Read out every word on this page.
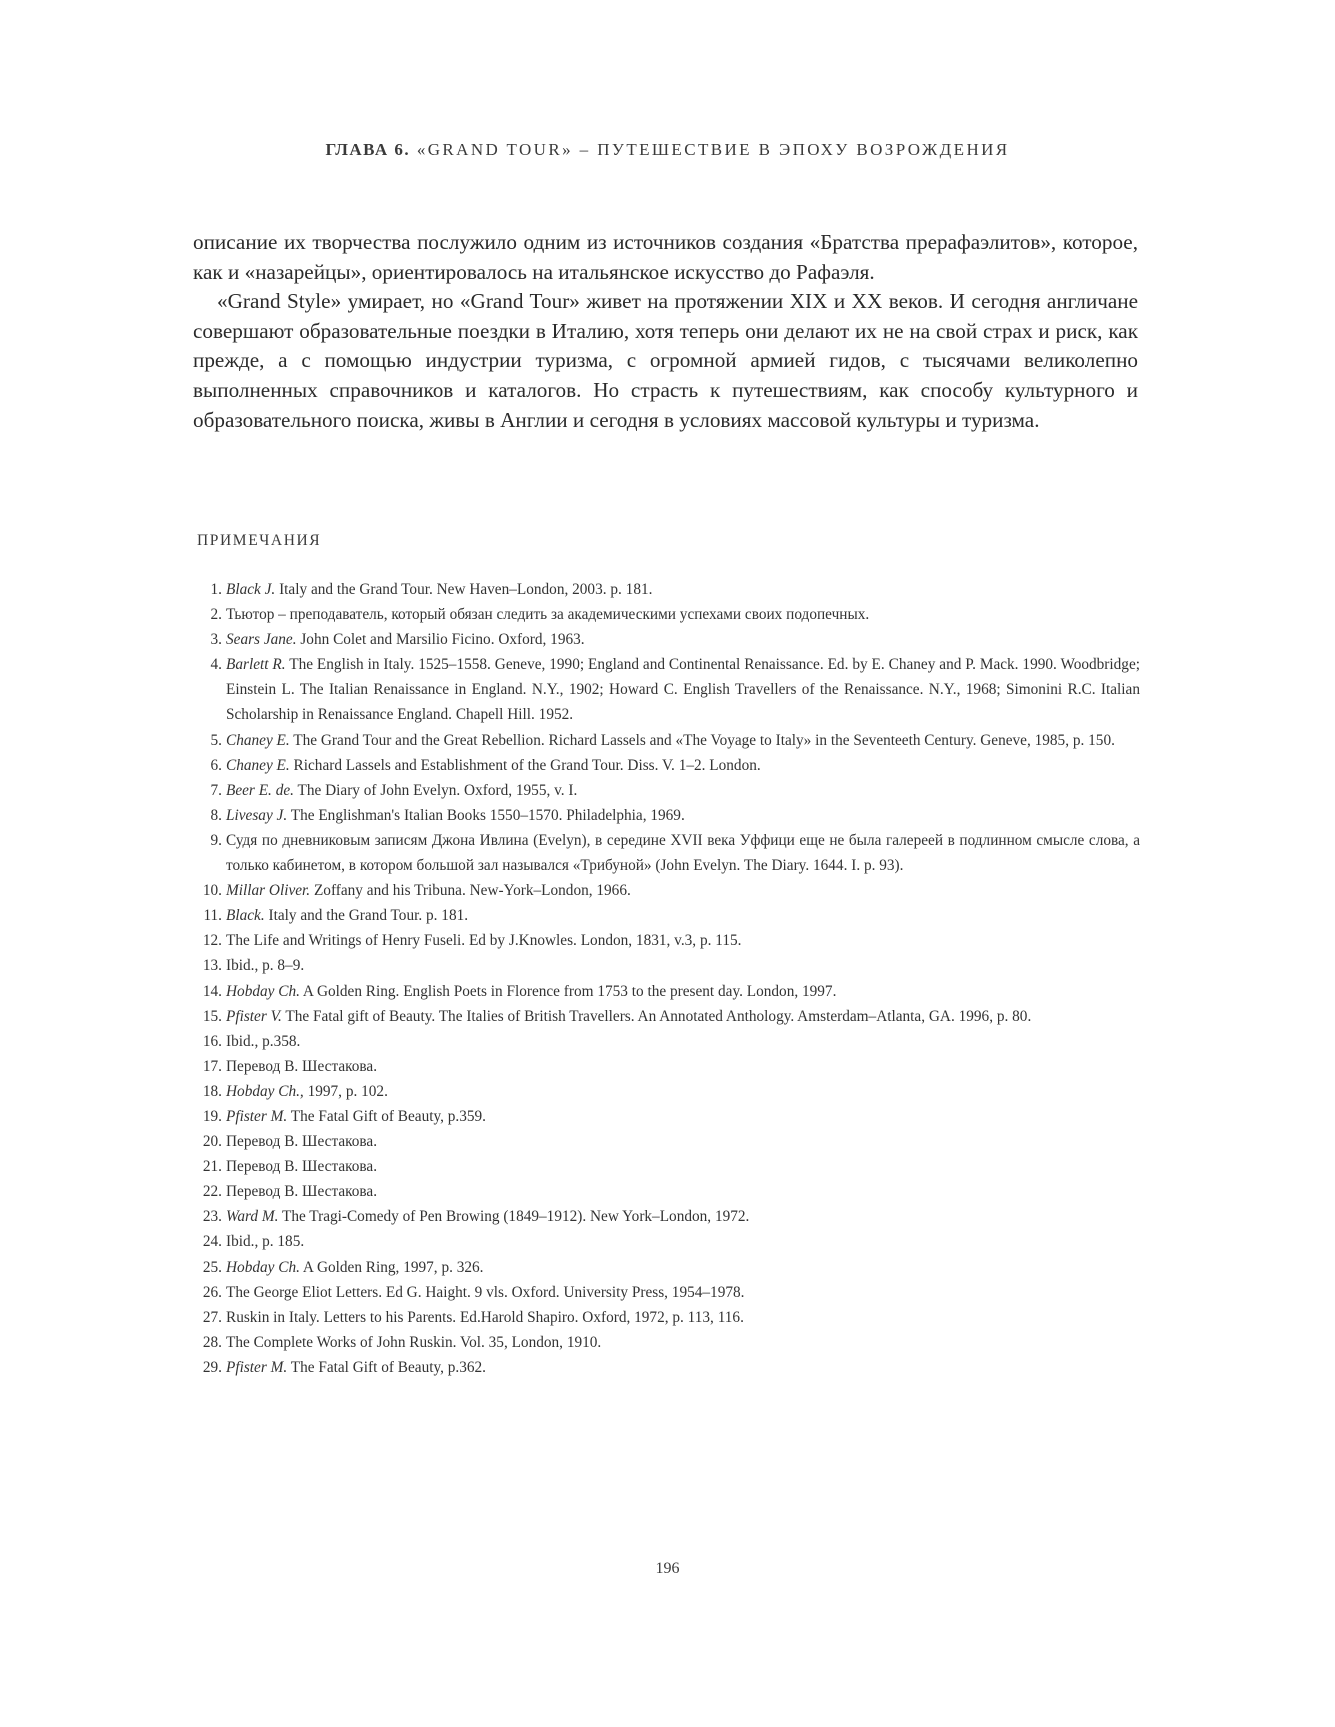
ГЛАВА 6. «GRAND TOUR» – ПУТЕШЕСТВИЕ В ЭПОХУ ВОЗРОЖДЕНИЯ

описание их творчества послужило одним из источников создания «Братства прерафаэлитов», которое, как и «назарейцы», ориентировалось на итальянское искусство до Рафаэля.

«Grand Style» умирает, но «Grand Tour» живет на протяжении XIX и XX веков. И сегодня англичане совершают образовательные поездки в Италию, хотя теперь они делают их не на свой страх и риск, как прежде, а с помощью индустрии туризма, с огромной армией гидов, с тысячами великолепно выполненных справочников и каталогов. Но страсть к путешествиям, как способу культурного и образовательного поиска, живы в Англии и сегодня в условиях массовой культуры и туризма.

ПРИМЕЧАНИЯ
1. Black J. Italy and the Grand Tour. New Haven–London, 2003. p. 181.
2. Тьютор – преподаватель, который обязан следить за академическими успехами своих подопечных.
3. Sears Jane. John Colet and Marsilio Ficino. Oxford, 1963.
4. Barlett R. The English in Italy. 1525–1558. Geneve, 1990; England and Continental Renaissance. Ed. by E. Chaney and P. Mack. 1990. Woodbridge; Einstein L. The Italian Renaissance in England. N.Y., 1902; Howard C. English Travellers of the Renaissance. N.Y., 1968; Simonini R.C. Italian Scholarship in Renaissance England. Chapell Hill. 1952.
5. Chaney E. The Grand Tour and the Great Rebellion. Richard Lassels and «The Voyage to Italy» in the Seventeeth Century. Geneve, 1985, p. 150.
6. Chaney E. Richard Lassels and Establishment of the Grand Tour. Diss. V. 1–2. London.
7. Beer E. de. The Diary of John Evelyn. Oxford, 1955, v. I.
8. Livesay J. The Englishman's Italian Books 1550–1570. Philadelphia, 1969.
9. Судя по дневниковым записям Джона Ивлина (Evelyn), в середине XVII века Уффици еще не была галереей в подлинном смысле слова, а только кабинетом, в котором большой зал назывался «Трибуной» (John Evelyn. The Diary. 1644. I. p. 93).
10. Millar Oliver. Zoffany and his Tribuna. New-York–London, 1966.
11. Black. Italy and the Grand Tour. p. 181.
12. The Life and Writings of Henry Fuseli. Ed by J.Knowles. London, 1831, v.3, p. 115.
13. Ibid., p. 8–9.
14. Hobday Ch. A Golden Ring. English Poets in Florence from 1753 to the present day. London, 1997.
15. Pfister V. The Fatal gift of Beauty. The Italies of British Travellers. An Annotated Anthology. Amsterdam–Atlanta, GA. 1996, p. 80.
16. Ibid., p.358.
17. Перевод В. Шестакова.
18. Hobday Ch., 1997, p. 102.
19. Pfister M. The Fatal Gift of Beauty, p.359.
20. Перевод В. Шестакова.
21. Перевод В. Шестакова.
22. Перевод В. Шестакова.
23. Ward M. The Tragi-Comedy of Pen Browing (1849–1912). New York–London, 1972.
24. Ibid., p. 185.
25. Hobday Ch. A Golden Ring, 1997, p. 326.
26. The George Eliot Letters. Ed G. Haight. 9 vls. Oxford. University Press, 1954–1978.
27. Ruskin in Italy. Letters to his Parents. Ed.Harold Shapiro. Oxford, 1972, p. 113, 116.
28. The Complete Works of John Ruskin. Vol. 35, London, 1910.
29. Pfister M. The Fatal Gift of Beauty, p.362.
196
